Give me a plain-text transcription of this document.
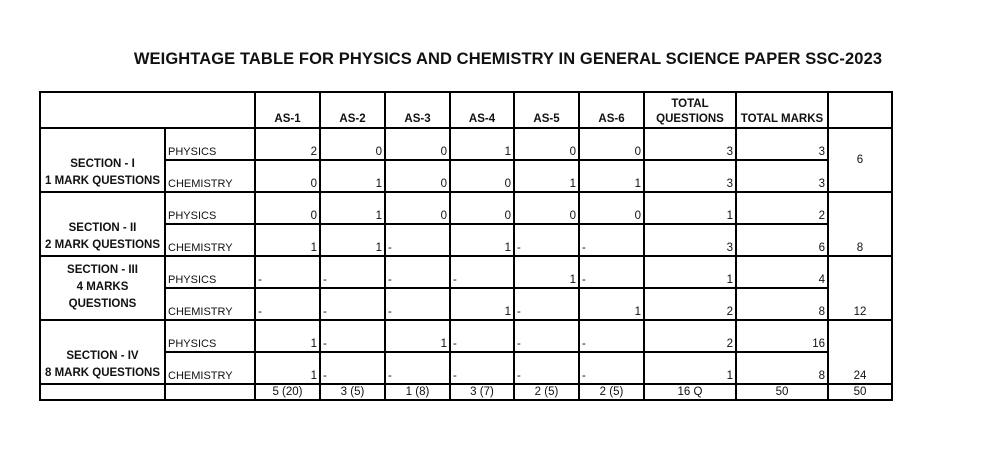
WEIGHTAGE TABLE FOR PHYSICS AND CHEMISTRY IN GENERAL SCIENCE PAPER SSC-2023
		AS-1	AS-2	AS-3	AS-4	AS-5	AS-6	TOTAL
QUESTIONS	TOTAL MARKS	
SECTION - I
1 MARK QUESTIONS	PHYSICS	2	0	0	1	0	0	3	3	6
	CHEMISTRY	0	1	0	0	1	1	3	3	
SECTION - II
2 MARK QUESTIONS	PHYSICS	0	1	0	0	0	0	1	2	8
	CHEMISTRY	1	1	-	1	-	-	3	6	
SECTION - III
4 MARKS
QUESTIONS	PHYSICS	-	-	-	-	1	-	1	4	12
	CHEMISTRY	-	-	-	1	-	1	2	8	
SECTION - IV
8 MARK QUESTIONS	PHYSICS	1	-	1	-	-	-	2	16	24
	CHEMISTRY	1	-	-	-	-	-	1	8	
		5 (20)	3 (5)	1 (8)	3 (7)	2 (5)	2 (5)	16 Q	50	50
